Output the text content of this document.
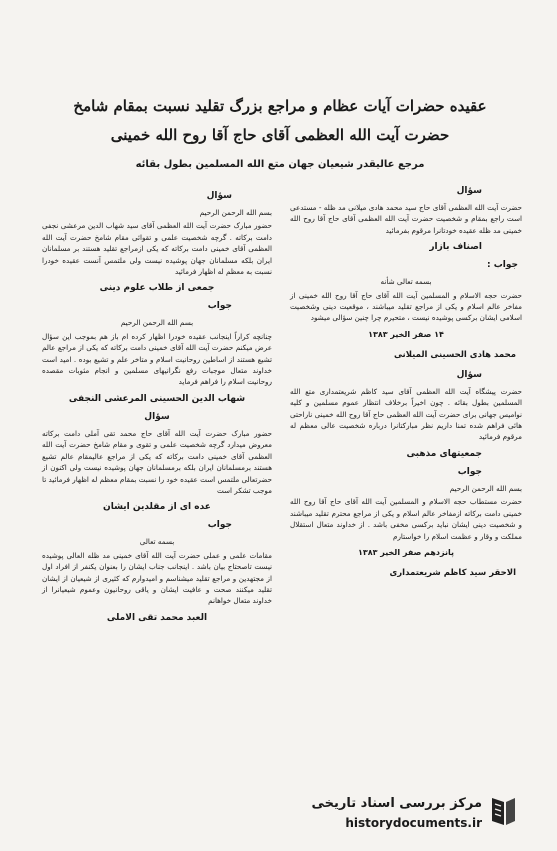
عقیده حضرات آیات عظام و مراجع بزرگ تقلید نسبت بمقام شامخ
حضرت آیت الله العظمی آقای حاج آقا روح الله خمینی
مرجع عالیقدر شیعیان جهان متع الله المسلمین بطول بقائه
سؤال
حضرت آیت الله العظمی آقای حاج سید محمد هادی میلانی مد ظله - مستدعی است راجع بمقام و شخصیت حضرت آیت الله العظمی آقای حاج آقا روح الله خمینی مد ظله عقیده خودتانرا مرقوم بفرمائید
اصناف بازار
جواب :
بسمه تعالی شأنه
حضرت حجه الاسلام و المسلمین آیت الله آقای حاج آقا روح الله خمینی از مفاخر عالم اسلام و یکی از مراجع تقلید میباشند ، موقعیت دینی وشخصیت اسلامی ایشان برکسی پوشیده نیست ، متحیرم چرا چنین سؤالی میشود
۱۴ صفر الخیر ۱۳۸۳
محمد هادی الحسینی المیلانی
سؤال
حضرت پیشگاه آیت الله العظمی آقای سید کاظم شریعتمداری متع الله المسلمین بطول بقائه . چون اخیراً برخلاف انتظار عموم مسلمین و کلیه نوامیس جهانی برای حضرت آیت الله العظمی حاج آقا روح الله خمینی ناراحتی هائی فراهم شده تمنا داریم نظر مبارکتانرا درباره شخصیت عالی معظم له مرقوم فرمائید
جمعیتهای مذهبی
جواب
بسم الله الرحمن الرحیم
حضرت مستطاب حجه الاسلام و المسلمین آیت الله آقای حاج آقا روح الله خمینی دامت برکاته ازمفاخر عالم اسلام و یکی از مراجع محترم تقلید میباشند و شخصیت دینی ایشان نباید برکسی مخفی باشد . از خداوند متعال استقلال مملکت و وقار و عظمت اسلام را خواستارم
پانزدهم صفر الخیر ۱۳۸۳
الاحقر سید کاظم شریعتمداری
سؤال
بسم الله الرحمن الرحیم
حضور مبارک حضرت آیت الله العظمی آقای سید شهاب الدین مرعشی نجفی دامت برکاته . گرچه شخصیت علمی و تقوائی مقام شامخ حضرت آیت الله العظمی آقای خمینی دامت برکاته که یکی ازمراجع تقلید هستند بر مسلمانان ایران بلکه مسلمانان جهان پوشیده نیست ولی ملتمس آنست عقیده خودرا نسبت به معظم له اظهار فرمائید
جمعی از طلاب علوم دینی
جواب
بسم الله الرحمن الرحیم
چنانچه کراراً اینجانب عقیده خودرا اظهار کرده ام باز هم بموجب این سؤال عرض میکنم حضرت آیت الله آقای خمینی دامت برکاته که یکی از مراجع عالم تشیع هستند از اساطین روحانیت اسلام و متاخر علم و تشیع بوده . امید است خداوند متعال موجبات رفع نگرانیهای مسلمین و انجام مثوبات مقصده روحانیت اسلام را فراهم فرماید
شهاب الدین الحسینی المرعشی النجفی
سؤال
حضور مبارک حضرت آیت الله آقای حاج محمد تقی آملی دامت برکاته معروض میدارد گرچه شخصیت علمی و تقوی و مقام شامخ حضرت آیت الله العظمی آقای خمینی دامت برکاته که یکی از مراجع عالیمقام عالم تشیع هستند برمسلمانان ایران بلکه برمسلمانان جهان پوشیده نیست ولی اکنون از حضرتعالی ملتمس است عقیده خود را نسبت بمقام معظم له اظهار فرمائید تا موجب تشکر است
عده ای از مقلدین ایشان
جواب
بسمه تعالی
مقامات علمی و عملی حضرت آیت الله آقای خمینی مد ظله العالی پوشیده نیست تاصحتاج بیان باشد . اینجانب جناب ایشان را بعنوان یکنفر از افراد اول از مجتهدین و مراجع تقلید میشناسم و امیدوارم که کثیری از شیعیان از ایشان تقلید میکنند صحت و عافیت ایشان و یاقی روحانیون وعموم شیعیانرا از خداوند متعال خواهانم
العبد محمد تقی الاملی
مرکز بررسی اسناد تاریخی
historydocuments.ir
